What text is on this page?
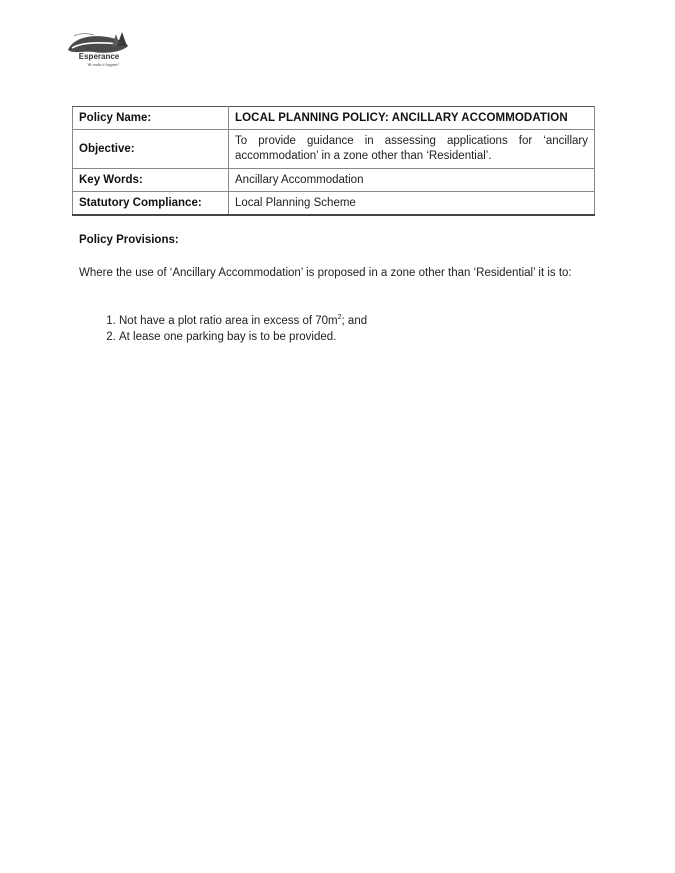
Esperance
We make it happen!
Policy Name:	LOCAL PLANNING POLICY: ANCILLARY ACCOMMODATION
Objective:	To provide guidance in assessing applications for ‘ancillary accommodation’ in a zone other than ‘Residential’.
Key Words:	Ancillary Accommodation
Statutory Compliance:	Local Planning Scheme
Policy Provisions:
Where the use of ‘Ancillary Accommodation’ is proposed in a zone other than ‘Residential’ it is to:
1. Not have a plot ratio area in excess of $70m^2$; and
2. At lease one parking bay is to be provided.
